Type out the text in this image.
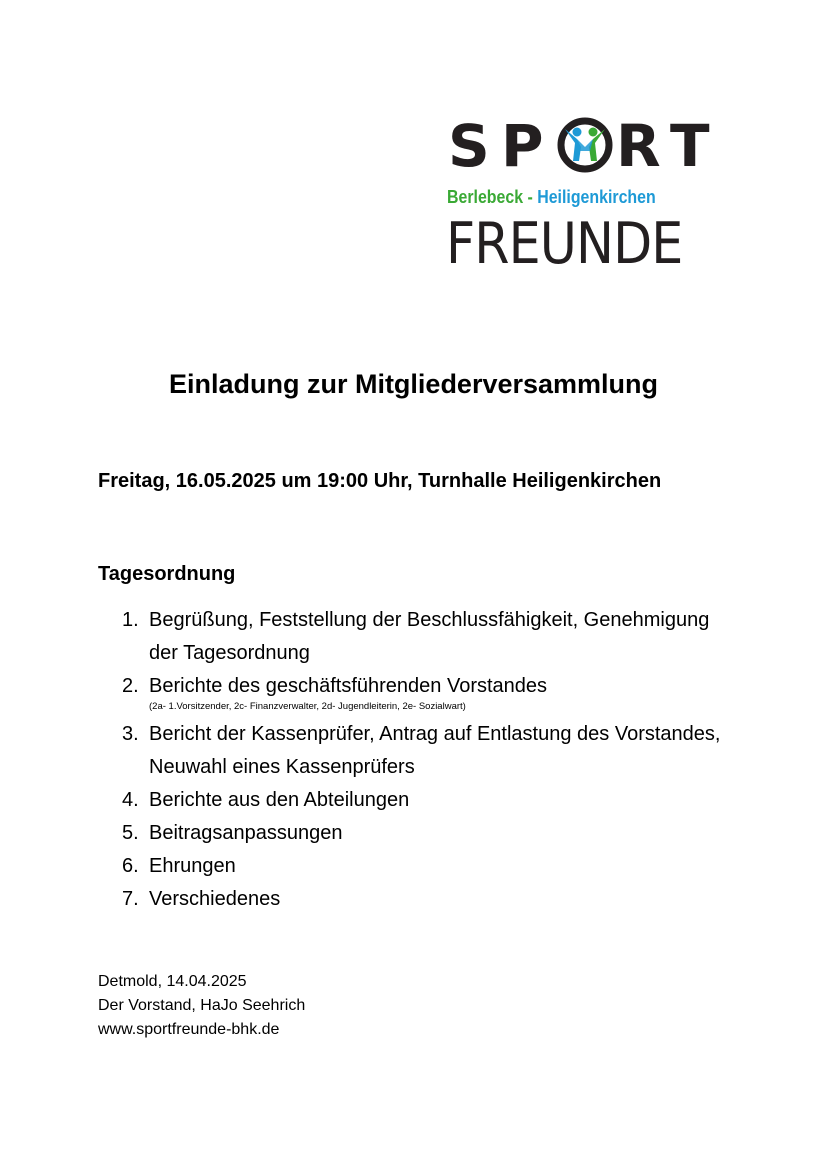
S P R T
Berlebeck - Heiligenkirchen
FREUNDE
Einladung zur Mitgliederversammlung
Freitag, 16.05.2025 um 19:00 Uhr, Turnhalle Heiligenkirchen
Tagesordnung
1. Begrüßung, Feststellung der Beschlussfähigkeit, Genehmigung der Tagesordnung
2. Berichte des geschäftsführenden Vorstandes
(2a- 1.Vorsitzender, 2c- Finanzverwalter, 2d- Jugendleiterin, 2e- Sozialwart)
3. Bericht der Kassenprüfer, Antrag auf Entlastung des Vorstandes, Neuwahl eines Kassenprüfers
4. Berichte aus den Abteilungen
5. Beitragsanpassungen
6. Ehrungen
7. Verschiedenes
Detmold, 14.04.2025
Der Vorstand, HaJo Seehrich
www.sportfreunde-bhk.de
